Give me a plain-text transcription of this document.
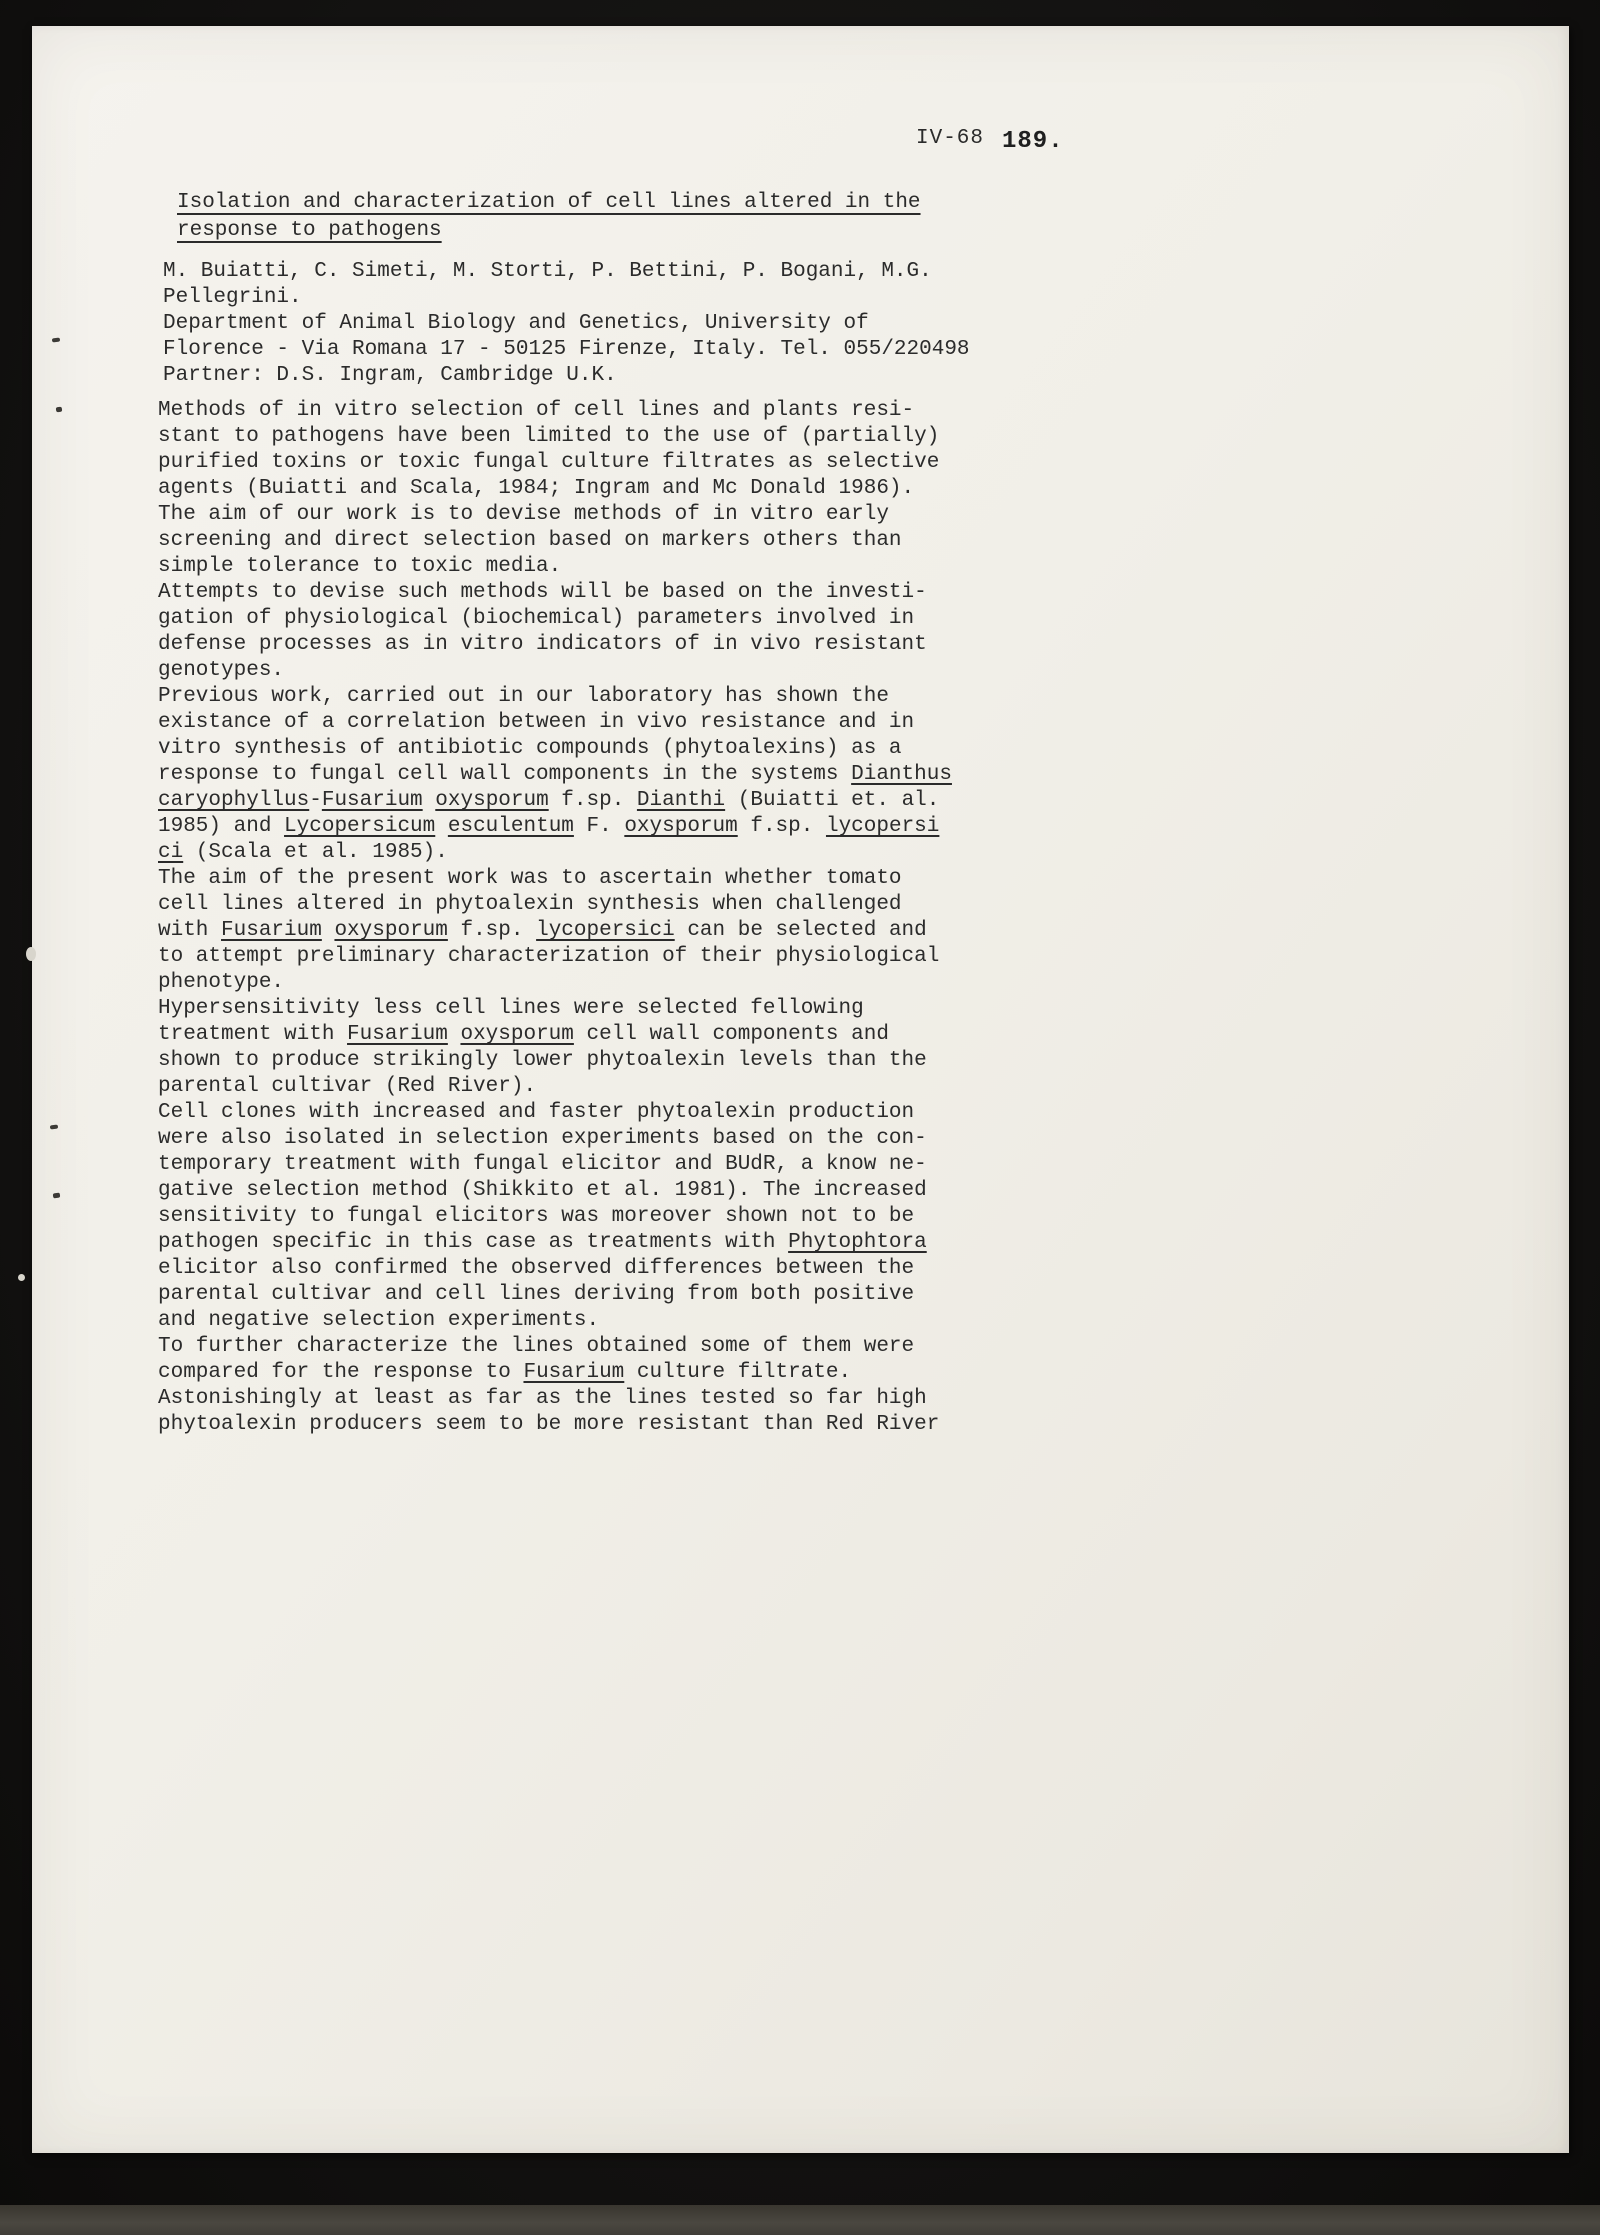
IV-68 189.
Isolation and characterization of cell lines altered in the
response to pathogens
M. Buiatti, C. Simeti, M. Storti, P. Bettini, P. Bogani, M.G.
Pellegrini.
Department of Animal Biology and Genetics, University of
Florence - Via Romana 17 - 50125 Firenze, Italy. Tel. 055/220498
Partner: D.S. Ingram, Cambridge U.K.
Methods of in vitro selection of cell lines and plants resi-
stant to pathogens have been limited to the use of (partially)
purified toxins or toxic fungal culture filtrates as selective
agents (Buiatti and Scala, 1984; Ingram and Mc Donald 1986).
The aim of our work is to devise methods of in vitro early
screening and direct selection based on markers others than
simple tolerance to toxic media.
Attempts to devise such methods will be based on the investi-
gation of physiological (biochemical) parameters involved in
defense processes as in vitro indicators of in vivo resistant
genotypes.
Previous work, carried out in our laboratory has shown the
existance of a correlation between in vivo resistance and in
vitro synthesis of antibiotic compounds (phytoalexins) as a
response to fungal cell wall components in the systems Dianthus
caryophyllus-Fusarium oxysporum f.sp. Dianthi (Buiatti et. al.
1985) and Lycopersicum esculentum F. oxysporum f.sp. lycopersi
ci (Scala et al. 1985).
The aim of the present work was to ascertain whether tomato
cell lines altered in phytoalexin synthesis when challenged
with Fusarium oxysporum f.sp. lycopersici can be selected and
to attempt preliminary characterization of their physiological
phenotype.
Hypersensitivity less cell lines were selected fellowing
treatment with Fusarium oxysporum cell wall components and
shown to produce strikingly lower phytoalexin levels than the
parental cultivar (Red River).
Cell clones with increased and faster phytoalexin production
were also isolated in selection experiments based on the con-
temporary treatment with fungal elicitor and BUdR, a know ne-
gative selection method (Shikkito et al. 1981). The increased
sensitivity to fungal elicitors was moreover shown not to be
pathogen specific in this case as treatments with Phytophtora
elicitor also confirmed the observed differences between the
parental cultivar and cell lines deriving from both positive
and negative selection experiments.
To further characterize the lines obtained some of them were
compared for the response to Fusarium culture filtrate.
Astonishingly at least as far as the lines tested so far high
phytoalexin producers seem to be more resistant than Red River
